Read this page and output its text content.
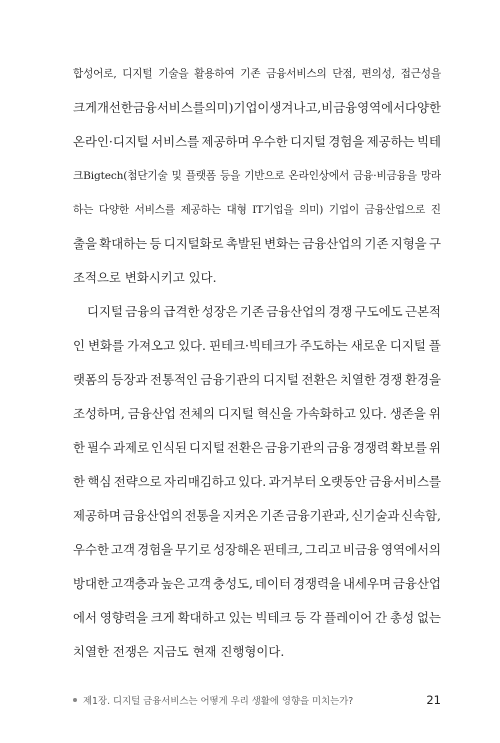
합성어로, 디지털 기술을 활용하여 기존 금융서비스의 단점, 편의성, 접근성을
크게 개선한 금융서비스를 의미) 기업이 생겨나고, 비금융 영역에서 다양한
온라인·디지털 서비스를 제공하며 우수한 디지털 경험을 제공하는 빅테
크Bigtech(첨단기술 및 플랫폼 등을 기반으로 온라인상에서 금융·비금융을 망라
하는 다양한 서비스를 제공하는 대형 IT기업을 의미) 기업이 금융산업으로 진
출을 확대하는 등 디지털화로 촉발된 변화는 금융산업의 기존 지형을 구
조적으로 변화시키고 있다.
디지털 금융의 급격한 성장은 기존 금융산업의 경쟁 구도에도 근본적
인 변화를 가져오고 있다. 핀테크·빅테크가 주도하는 새로운 디지털 플
랫폼의 등장과 전통적인 금융기관의 디지털 전환은 치열한 경쟁 환경을
조성하며, 금융산업 전체의 디지털 혁신을 가속화하고 있다. 생존을 위
한 필수 과제로 인식된 디지털 전환은 금융기관의 금융 경쟁력 확보를 위
한 핵심 전략으로 자리매김하고 있다. 과거부터 오랫동안 금융서비스를
제공하며 금융산업의 전통을 지켜온 기존 금융기관과, 신기술과 신속함,
우수한 고객 경험을 무기로 성장해온 핀테크, 그리고 비금융 영역에서의
방대한 고객층과 높은 고객 충성도, 데이터 경쟁력을 내세우며 금융산업
에서 영향력을 크게 확대하고 있는 빅테크 등 각 플레이어 간 총성 없는
치열한 전쟁은 지금도 현재 진행형이다.
제1장. 디지털 금융서비스는 어떻게 우리 생활에 영향을 미치는가?	21
